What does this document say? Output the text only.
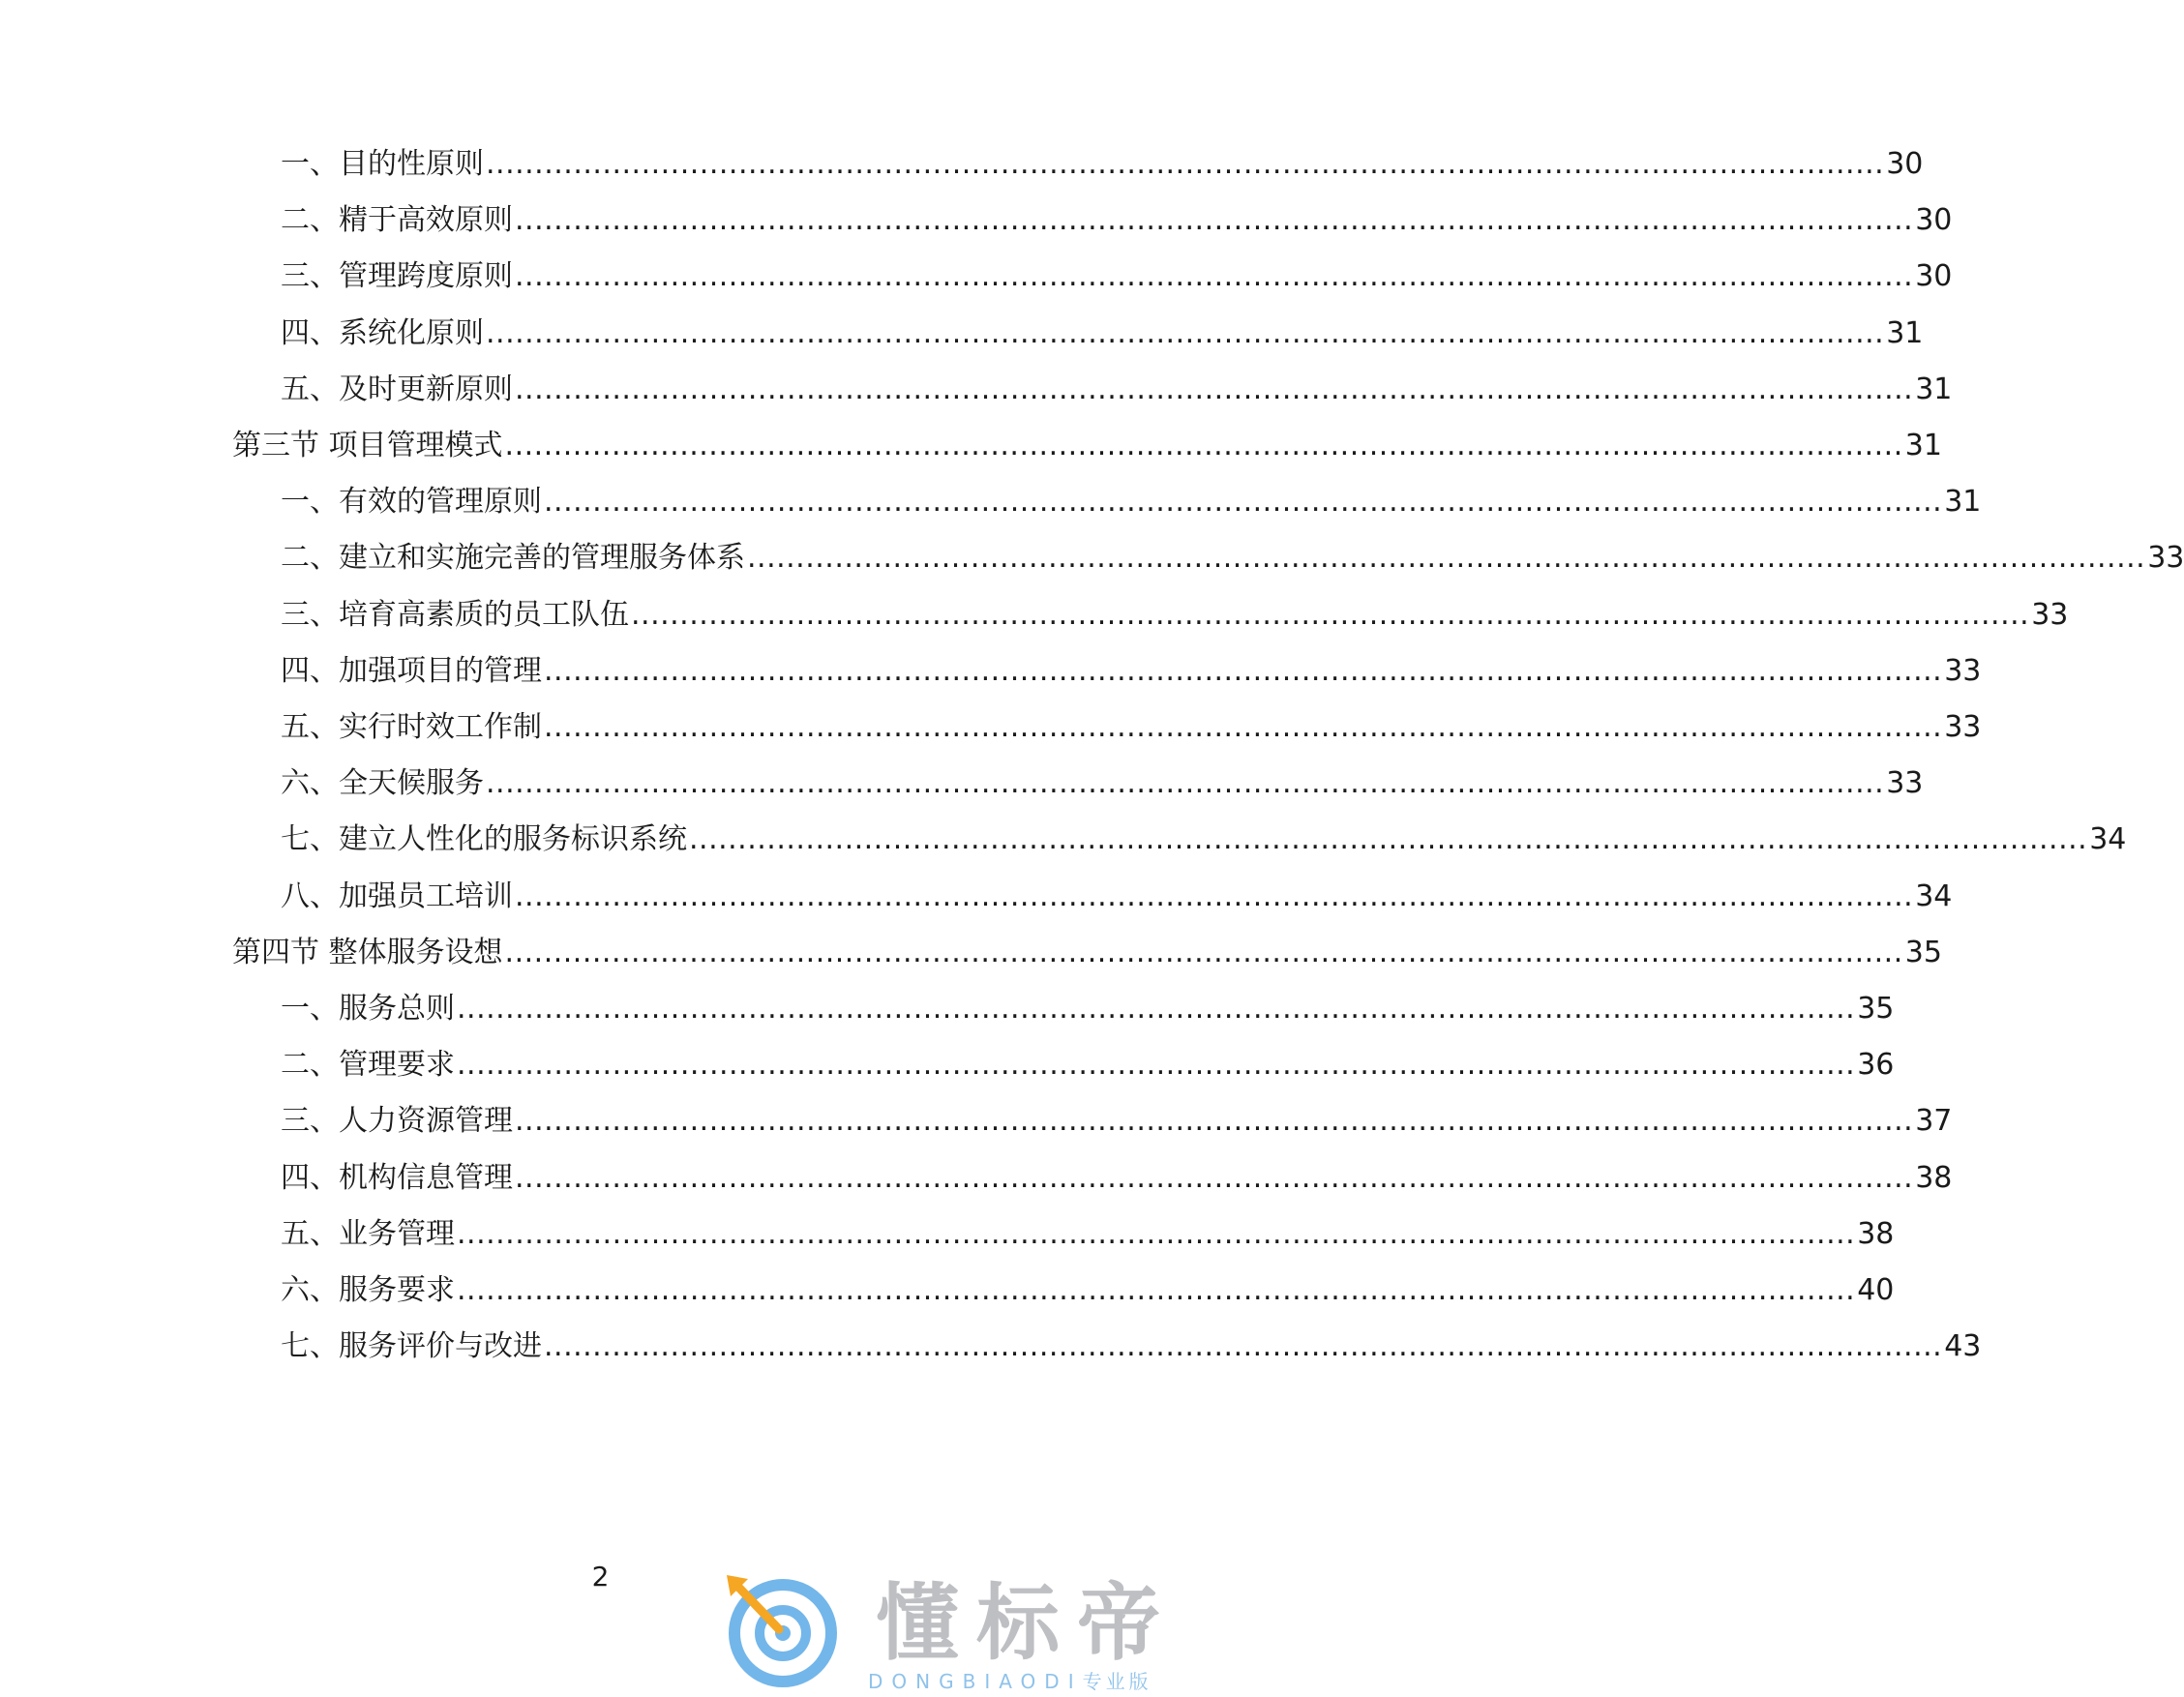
一、目的性原则 ................................................................................................................................................ 30
二、精于高效原则 ................................................................................................................................................ 30
三、管理跨度原则 ................................................................................................................................................ 30
四、系统化原则 ................................................................................................................................................ 31
五、及时更新原则 ................................................................................................................................................ 31
第三节 项目管理模式 ................................................................................................................................................ 31
一、有效的管理原则 ................................................................................................................................................ 31
二、建立和实施完善的管理服务体系 ................................................................................................................................................ 33
三、培育高素质的员工队伍 ................................................................................................................................................ 33
四、加强项目的管理 ................................................................................................................................................ 33
五、实行时效工作制 ................................................................................................................................................ 33
六、全天候服务 ................................................................................................................................................ 33
七、建立人性化的服务标识系统 ................................................................................................................................................ 34
八、加强员工培训 ................................................................................................................................................ 34
第四节 整体服务设想 ................................................................................................................................................ 35
一、服务总则 ................................................................................................................................................ 35
二、管理要求 ................................................................................................................................................ 36
三、人力资源管理 ................................................................................................................................................ 37
四、机构信息管理 ................................................................................................................................................ 38
五、业务管理 ................................................................................................................................................ 38
六、服务要求 ................................................................................................................................................ 40
七、服务评价与改进 ................................................................................................................................................ 43
2	懂标帝
DONGBIAODI专业版
